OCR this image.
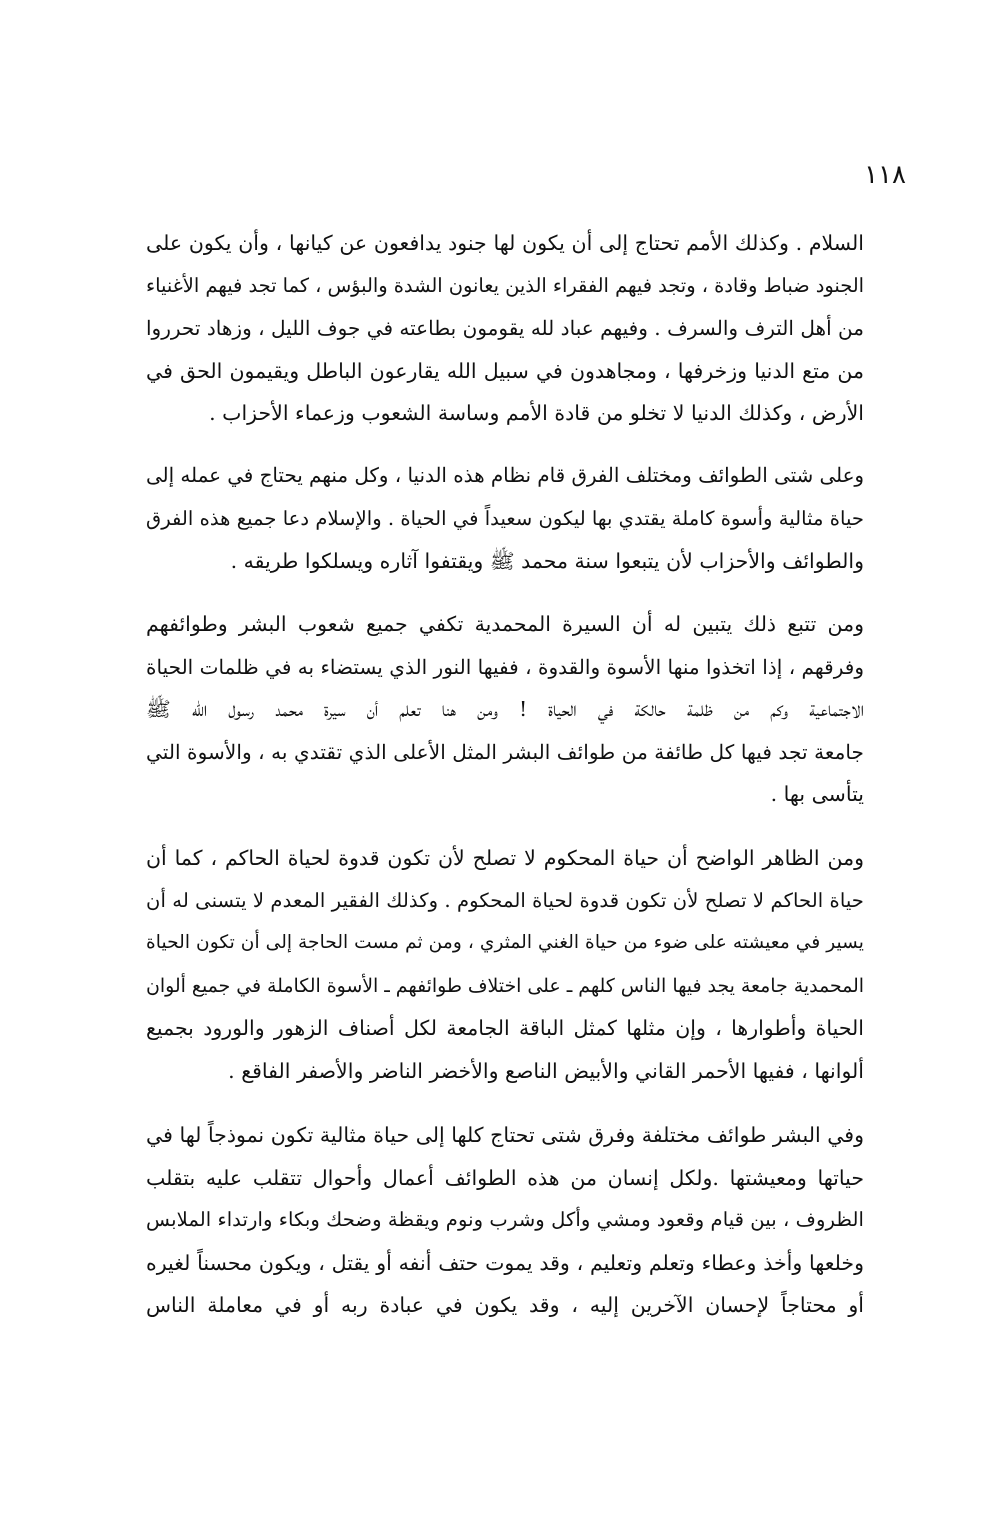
١١٨
السلام . وكذلك الأمم تحتاج إلى أن يكون لها جنود يدافعون عن كيانها ، وأن يكون على
الجنود ضباط وقادة ، وتجد فيهم الفقراء الذين يعانون الشدة والبؤس ، كما تجد فيهم الأغنياء
من أهل الترف والسرف . وفيهم عباد لله يقومون بطاعته في جوف الليل ، وزهاد تحرروا
من متع الدنيا وزخرفها ، ومجاهدون في سبيل الله يقارعون الباطل ويقيمون الحق في
الأرض ، وكذلك الدنيا لا تخلو من قادة الأمم وساسة الشعوب وزعماء الأحزاب .
وعلى شتى الطوائف ومختلف الفرق قام نظام هذه الدنيا ، وكل منهم يحتاج في عمله إلى
حياة مثالية وأسوة كاملة يقتدي بها ليكون سعيداً في الحياة . والإسلام دعا جميع هذه الفرق
والطوائف والأحزاب لأن يتبعوا سنة محمد ﷺ ويقتفوا آثاره ويسلكوا طريقه .
ومن تتبع ذلك يتبين له أن السيرة المحمدية تكفي جميع شعوب البشر وطوائفهم
وفرقهم ، إذا اتخذوا منها الأسوة والقدوة ، ففيها النور الذي يستضاء به في ظلمات الحياة
الاجتماعية وكم من ظلمة حالكة في الحياة ! ومن هنا تعلم أن سيرة محمد رسول الله ﷺ
جامعة تجد فيها كل طائفة من طوائف البشر المثل الأعلى الذي تقتدي به ، والأسوة التي
يتأسى بها .
ومن الظاهر الواضح أن حياة المحكوم لا تصلح لأن تكون قدوة لحياة الحاكم ، كما أن
حياة الحاكم لا تصلح لأن تكون قدوة لحياة المحكوم . وكذلك الفقير المعدم لا يتسنى له أن
يسير في معيشته على ضوء من حياة الغني المثري ، ومن ثم مست الحاجة إلى أن تكون الحياة
المحمدية جامعة يجد فيها الناس كلهم ـ على اختلاف طوائفهم ـ الأسوة الكاملة في جميع ألوان
الحياة وأطوارها ، وإن مثلها كمثل الباقة الجامعة لكل أصناف الزهور والورود بجميع
ألوانها ، ففيها الأحمر القاني والأبيض الناصع والأخضر الناضر والأصفر الفاقع .
وفي البشر طوائف مختلفة وفرق شتى تحتاج كلها إلى حياة مثالية تكون نموذجاً لها في
حياتها ومعيشتها .ولكل إنسان من هذه الطوائف أعمال وأحوال تتقلب عليه بتقلب
الظروف ، بين قيام وقعود ومشي وأكل وشرب ونوم ويقظة وضحك وبكاء وارتداء الملابس
وخلعها وأخذ وعطاء وتعلم وتعليم ، وقد يموت حتف أنفه أو يقتل ، ويكون محسناً لغيره
أو محتاجاً لإحسان الآخرين إليه ، وقد يكون في عبادة ربه أو في معاملة الناس
